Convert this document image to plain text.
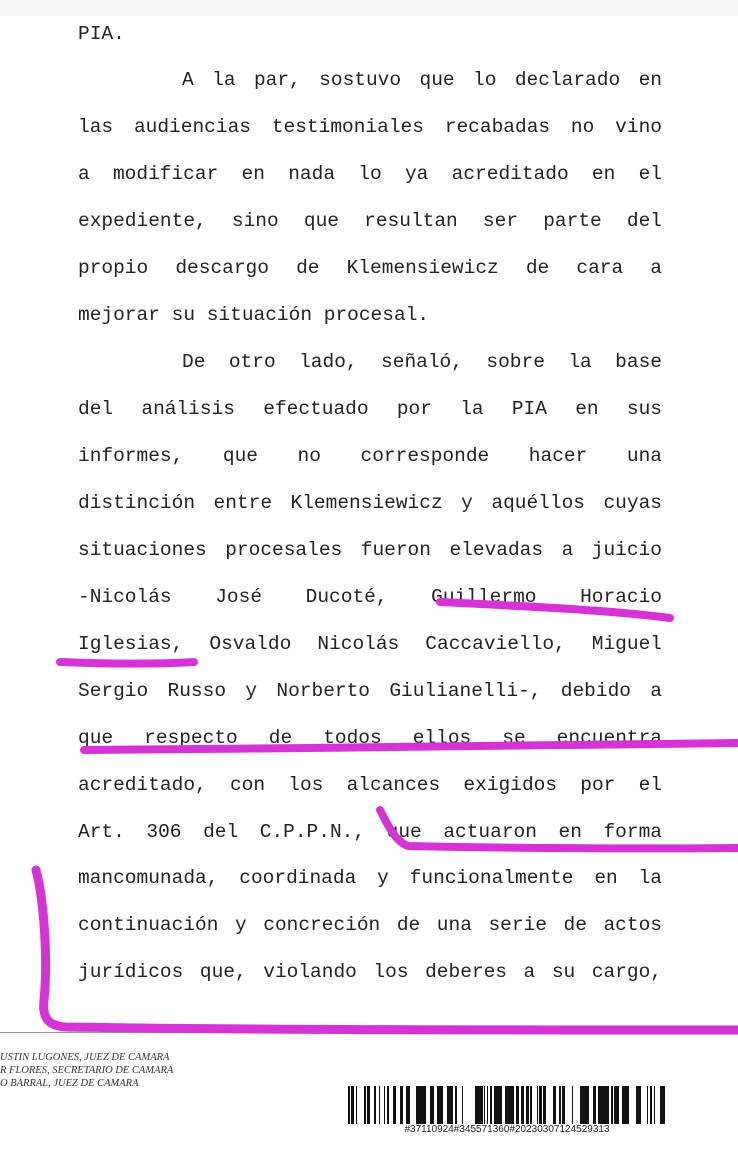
PIA.
A la par, sostuvo que lo declarado en
las audiencias testimoniales recabadas no vino
a modificar en nada lo ya acreditado en el
expediente, sino que resultan ser parte del
propio descargo de Klemensiewicz de cara a
mejorar su situación procesal.
De otro lado, señaló, sobre la base
del análisis efectuado por la PIA en sus
informes, que no corresponde hacer una
distinción entre Klemensiewicz y aquéllos cuyas
situaciones procesales fueron elevadas a juicio
-Nicolás José Ducoté, Guillermo Horacio
Iglesias, Osvaldo Nicolás Caccaviello, Miguel
Sergio Russo y Norberto Giulianelli-, debido a
que respecto de todos ellos se encuentra
acreditado, con los alcances exigidos por el
Art. 306 del C.P.P.N., que actuaron en forma
mancomunada, coordinada y funcionalmente en la
continuación y concreción de una serie de actos
jurídicos que, violando los deberes a su cargo,
USTIN LUGONES, JUEZ DE CAMARA
R FLORES, SECRETARIO DE CAMARA
O BARRAL, JUEZ DE CAMARA
#37110924#345571360#20230307124529313
